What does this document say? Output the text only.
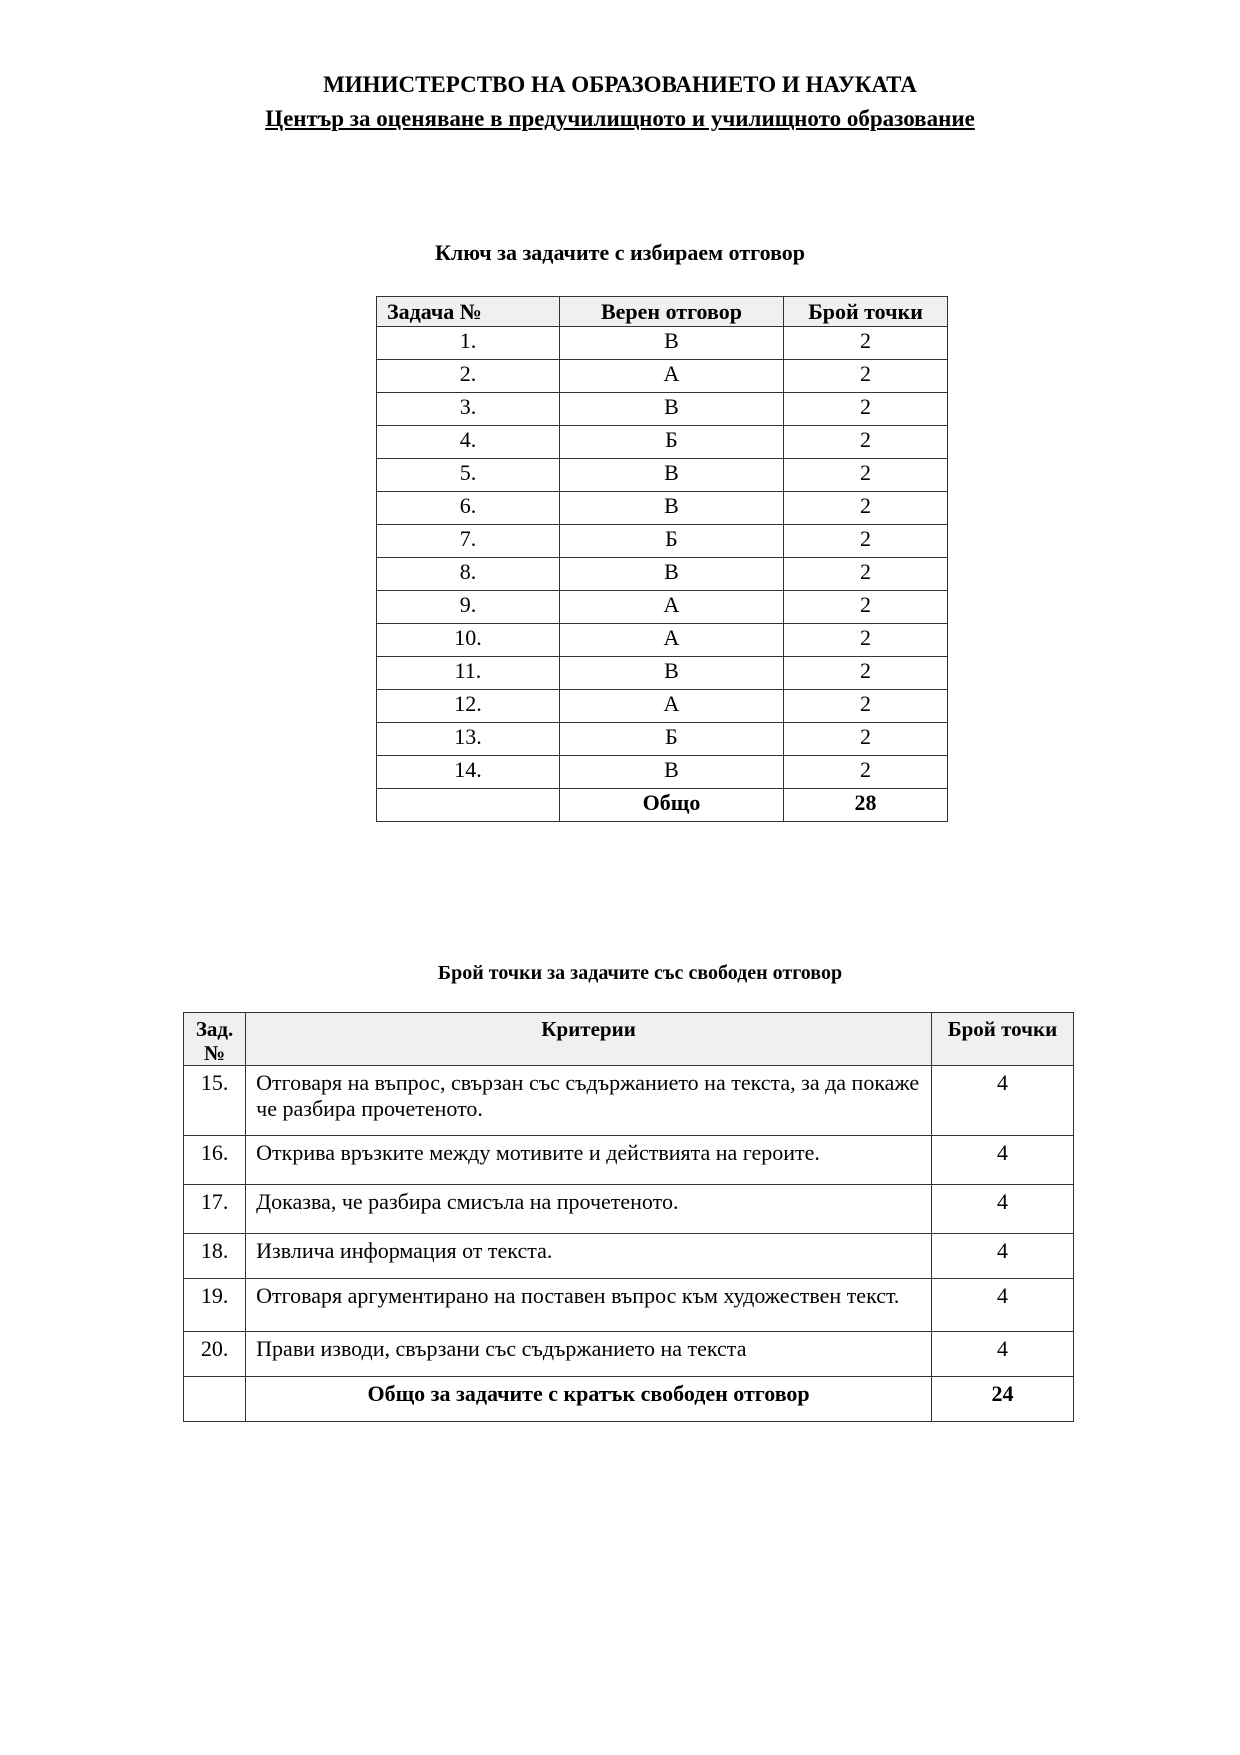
МИНИСТЕРСТВО НА ОБРАЗОВАНИЕТО И НАУКАТА
Център за оценяване в предучилищното и училищното образование
Ключ за задачите с избираем отговор
Задача №	Верен отговор	Брой точки
1.	В	2
2.	А	2
3.	В	2
4.	Б	2
5.	В	2
6.	В	2
7.	Б	2
8.	В	2
9.	А	2
10.	А	2
11.	В	2
12.	А	2
13.	Б	2
14.	В	2
	Общо	28
Брой точки за задачите със свободен отговор
Зад. №	Критерии	Брой точки
15.	Отговаря на въпрос, свързан със съдържанието на текста, за да покаже че разбира прочетеното.	4
16.	Открива връзките между мотивите и действията на героите.	4
17.	Доказва, че разбира смисъла на прочетеното.	4
18.	Извлича информация от текста.	4
19.	Отговаря аргументирано на поставен въпрос към художествен текст.	4
20.	Прави изводи, свързани със съдържанието на текста	4
	Общо за задачите с кратък свободен отговор	24
